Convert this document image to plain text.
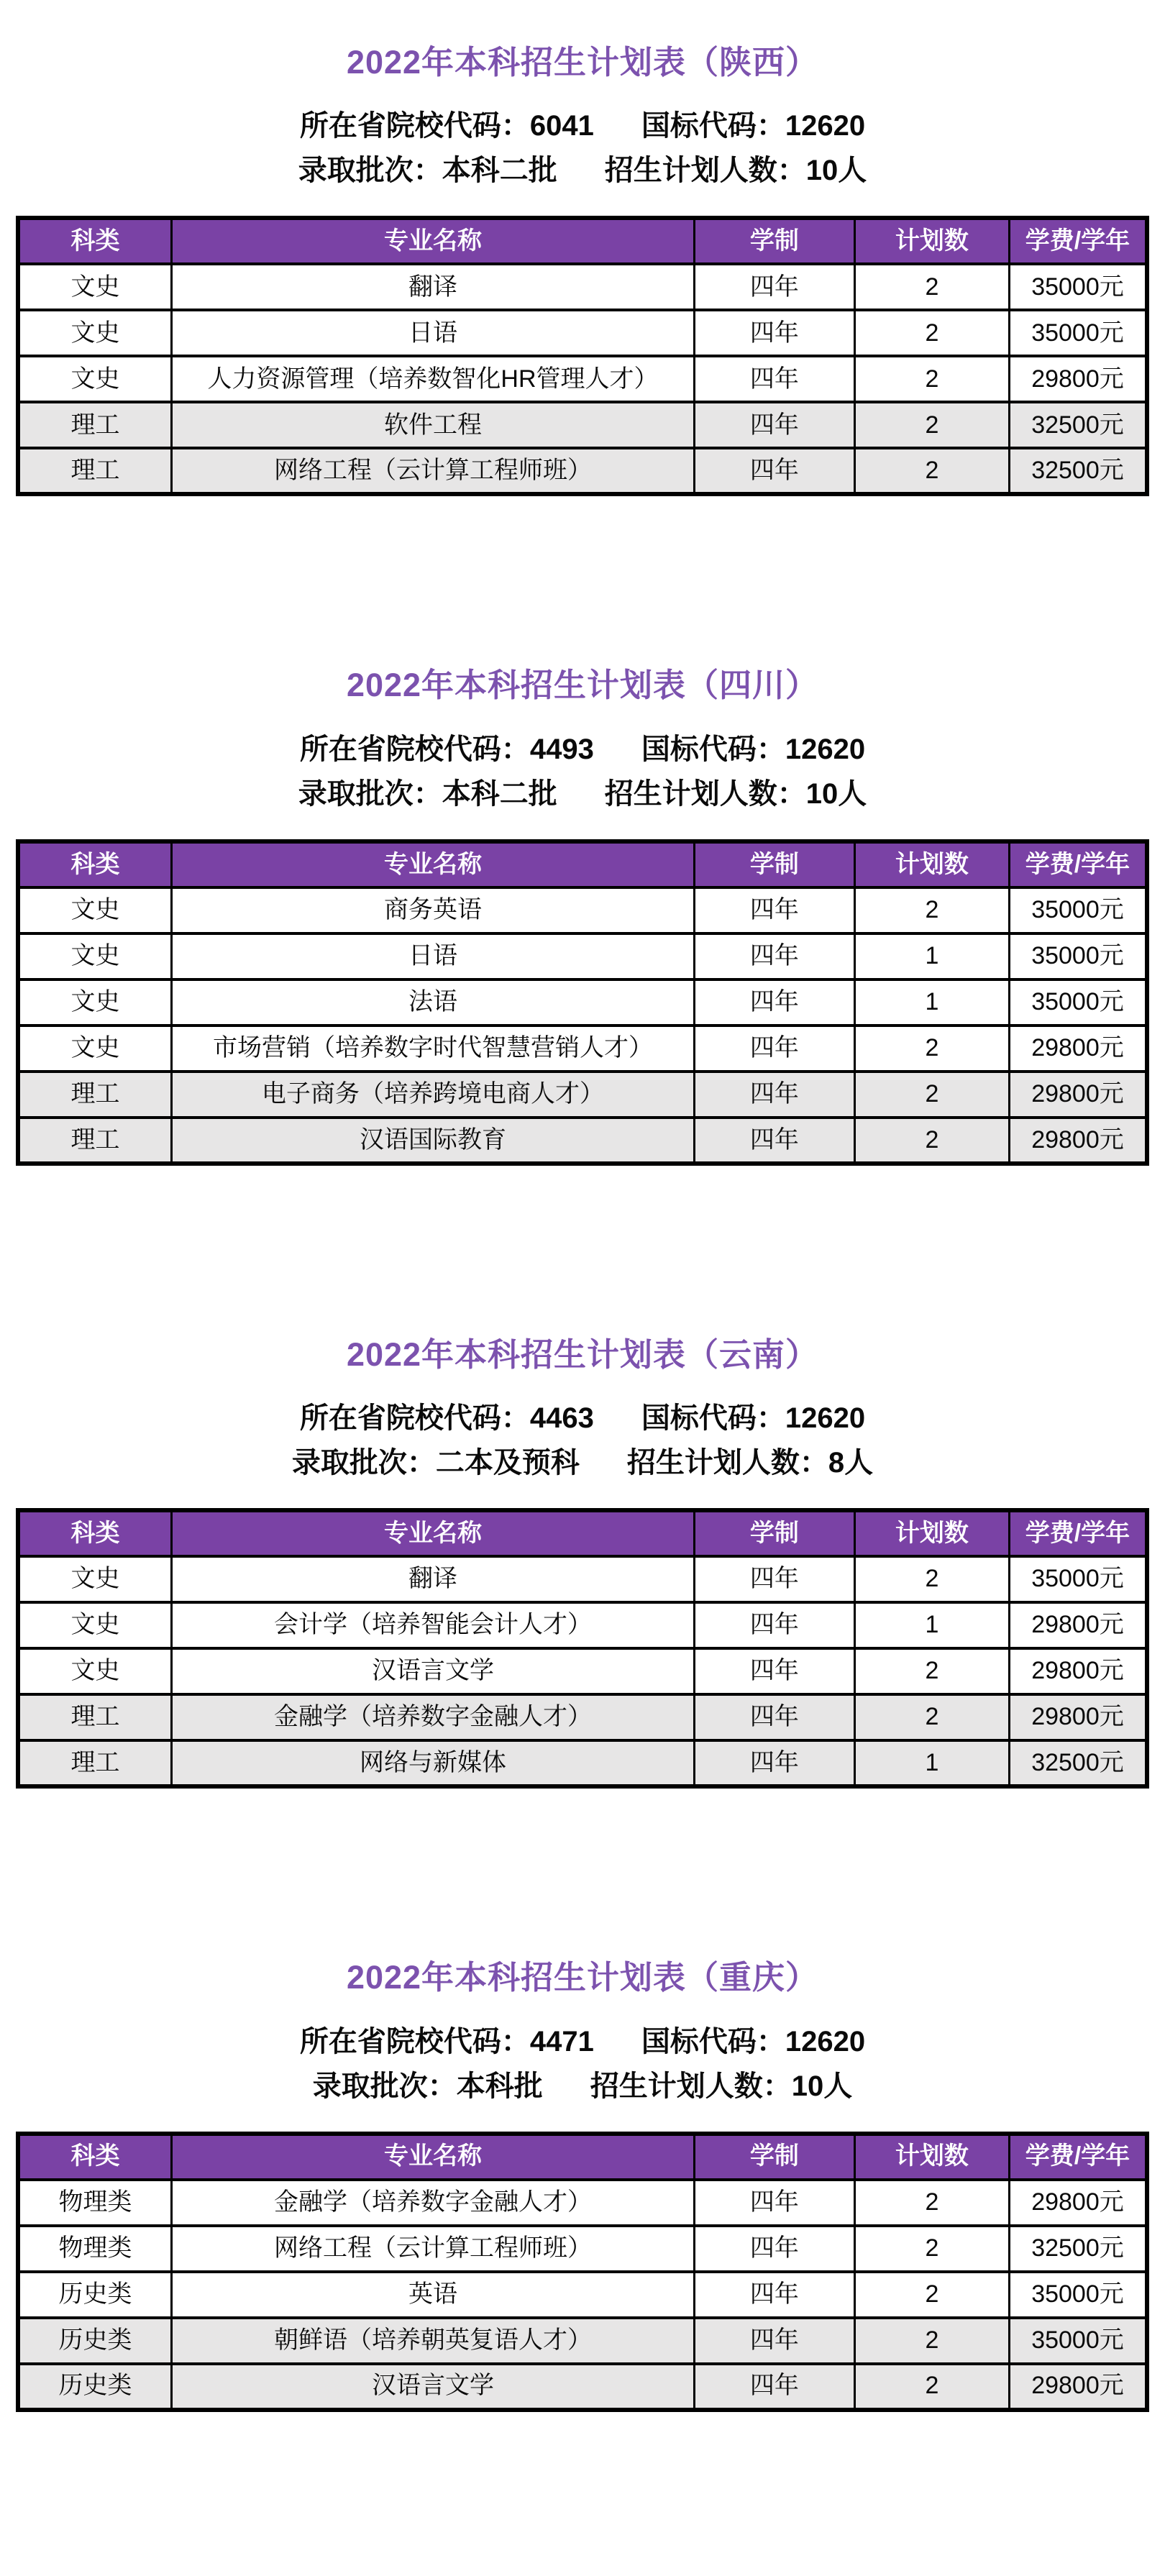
2022年本科招生计划表（陕西）

所在省院校代码：6041 国标代码：12620

录取批次：本科二批 招生计划人数：10人

科类	专业名称	学制	计划数	学费/学年
文史	翻译	四年	2	35000元
文史	日语	四年	2	35000元
文史	人力资源管理（培养数智化HR管理人才）	四年	2	29800元
理工	软件工程	四年	2	32500元
理工	网络工程（云计算工程师班）	四年	2	32500元
2022年本科招生计划表（四川）

所在省院校代码：4493 国标代码：12620

录取批次：本科二批 招生计划人数：10人

科类	专业名称	学制	计划数	学费/学年
文史	商务英语	四年	2	35000元
文史	日语	四年	1	35000元
文史	法语	四年	1	35000元
文史	市场营销（培养数字时代智慧营销人才）	四年	2	29800元
理工	电子商务（培养跨境电商人才）	四年	2	29800元
理工	汉语国际教育	四年	2	29800元
2022年本科招生计划表（云南）

所在省院校代码：4463 国标代码：12620

录取批次：二本及预科 招生计划人数：8人

科类	专业名称	学制	计划数	学费/学年
文史	翻译	四年	2	35000元
文史	会计学（培养智能会计人才）	四年	1	29800元
文史	汉语言文学	四年	2	29800元
理工	金融学（培养数字金融人才）	四年	2	29800元
理工	网络与新媒体	四年	1	32500元
2022年本科招生计划表（重庆）

所在省院校代码：4471 国标代码：12620

录取批次：本科批 招生计划人数：10人

科类	专业名称	学制	计划数	学费/学年
物理类	金融学（培养数字金融人才）	四年	2	29800元
物理类	网络工程（云计算工程师班）	四年	2	32500元
历史类	英语	四年	2	35000元
历史类	朝鲜语（培养朝英复语人才）	四年	2	35000元
历史类	汉语言文学	四年	2	29800元
